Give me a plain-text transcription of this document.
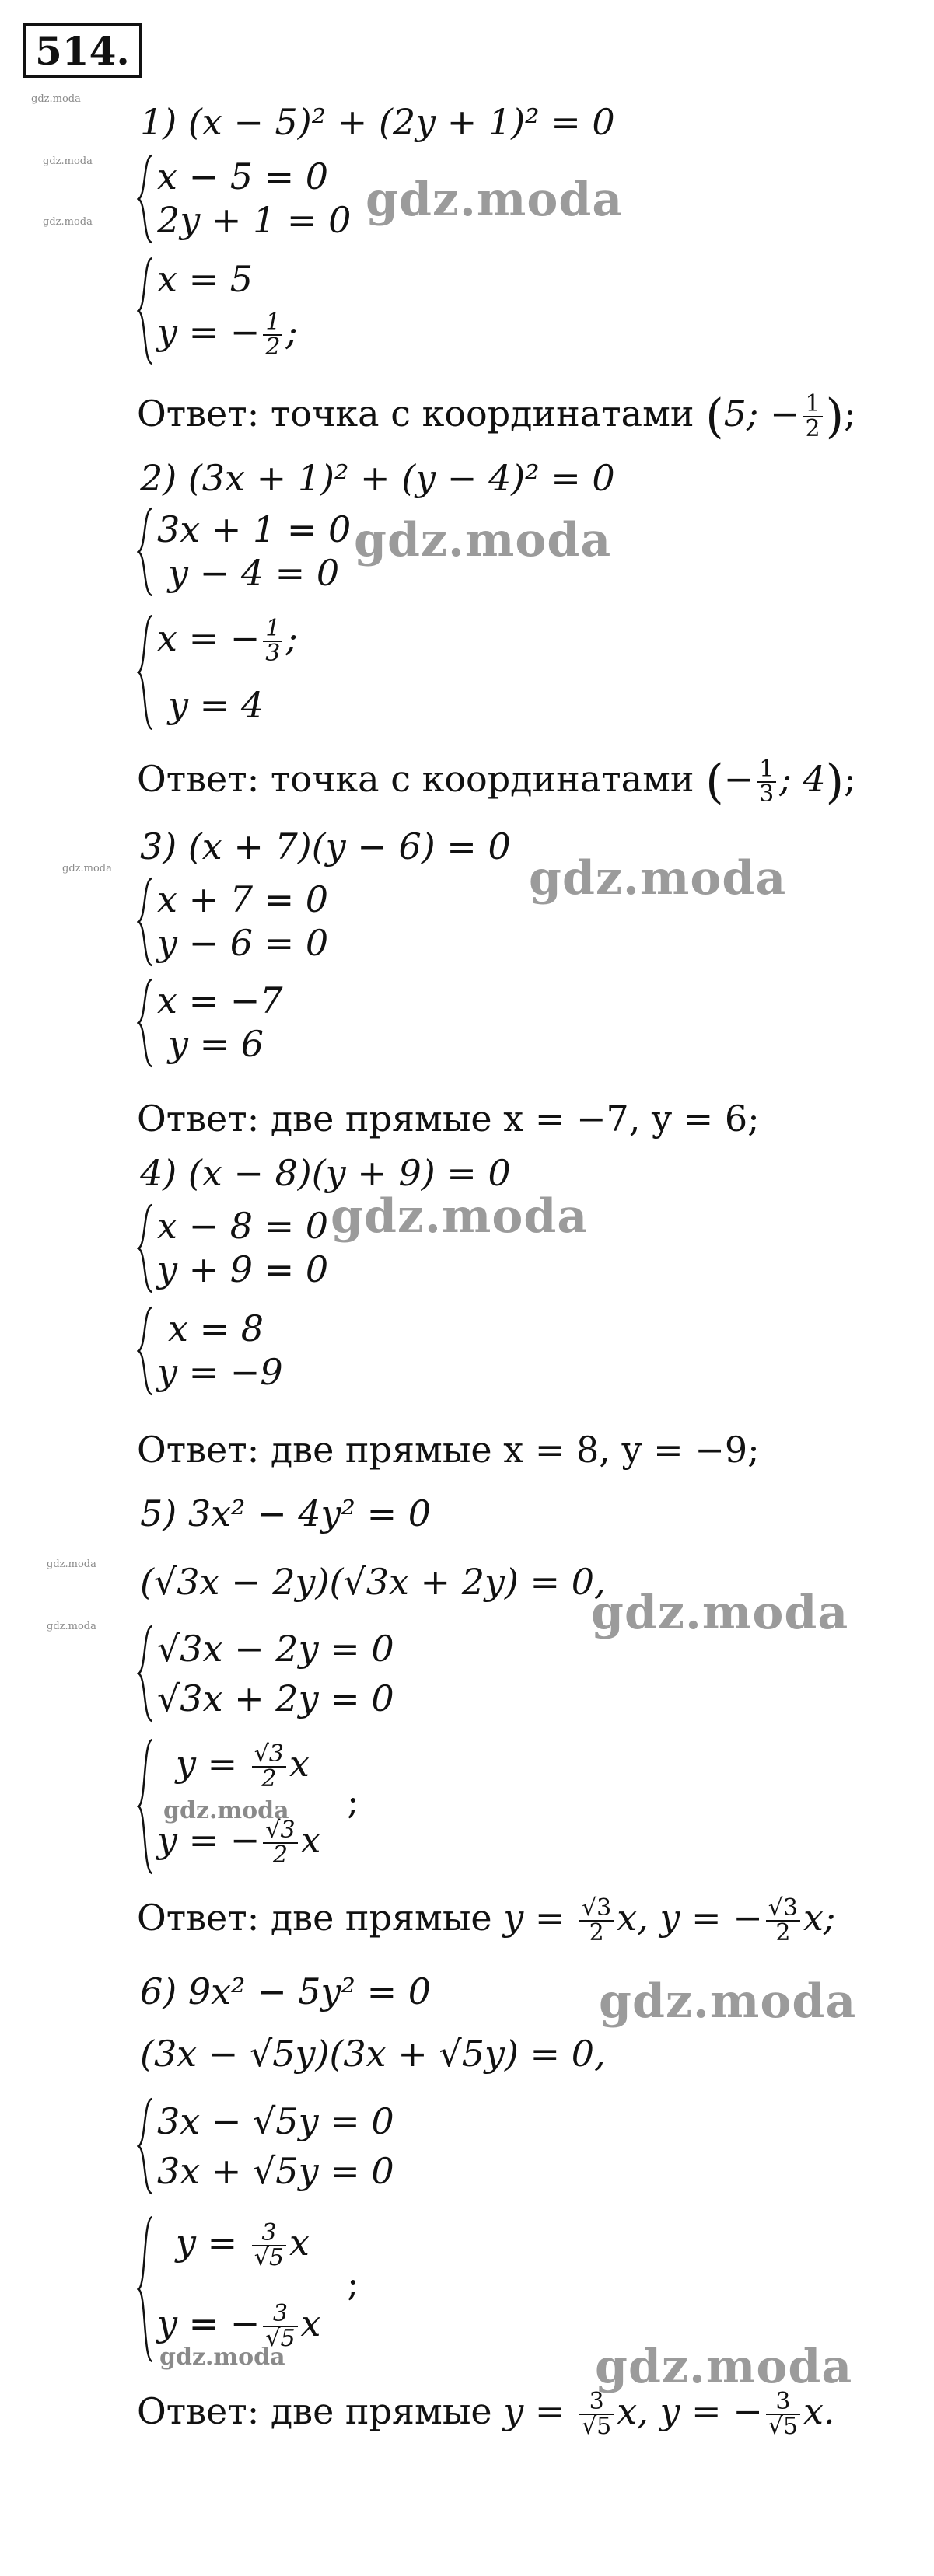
514.
gdz.moda
gdz.moda
gdz.moda
gdz.moda
gdz.moda
gdz.moda
gdz.moda
gdz.moda
gdz.moda
gdz.moda
gdz.moda
gdz.moda
gdz.moda
gdz.moda
gdz.moda
1) (x − 5)² + (2y + 1)² = 0
x − 5 = 0
2y + 1 = 0
x = 5
y = − $\frac{1}{2}$ ;
Ответ: точка с координатами (5; − $\frac{1}{2}$ );
2) (3x + 1)² + (y − 4)² = 0
3x + 1 = 0
y − 4 = 0
x = − $\frac{1}{3}$ ;
y = 4
Ответ: точка с координатами (− $\frac{1}{3}$ ; 4);
3) (x + 7)(y − 6) = 0
x + 7 = 0
y − 6 = 0
x = −7
y = 6
Ответ: две прямые x = −7, y = 6;
4) (x − 8)(y + 9) = 0
x − 8 = 0
y + 9 = 0
x = 8
y = −9
Ответ: две прямые x = 8, y = −9;
5) 3x² − 4y² = 0
(√3x − 2y)(√3x + 2y) = 0,
√3x − 2y = 0
√3x + 2y = 0
$y = \frac{√3}{2}$ x
y = − $\frac{√3}{2}$ x
;
Ответ: две прямые $y = \frac{√3}{2} x$, y = − $\frac{√3}{2} x$;
6) 9x² − 5y² = 0
(3x − √5y)(3x + √5y) = 0,
3x − √5y = 0
3x + √5y = 0
$y = \frac{3}{√5}$ x
y = − $\frac{3}{√5}$ x
;
Ответ: две прямые $y = \frac{3}{√5} x$, y = − $\frac{3}{√5} x$.
